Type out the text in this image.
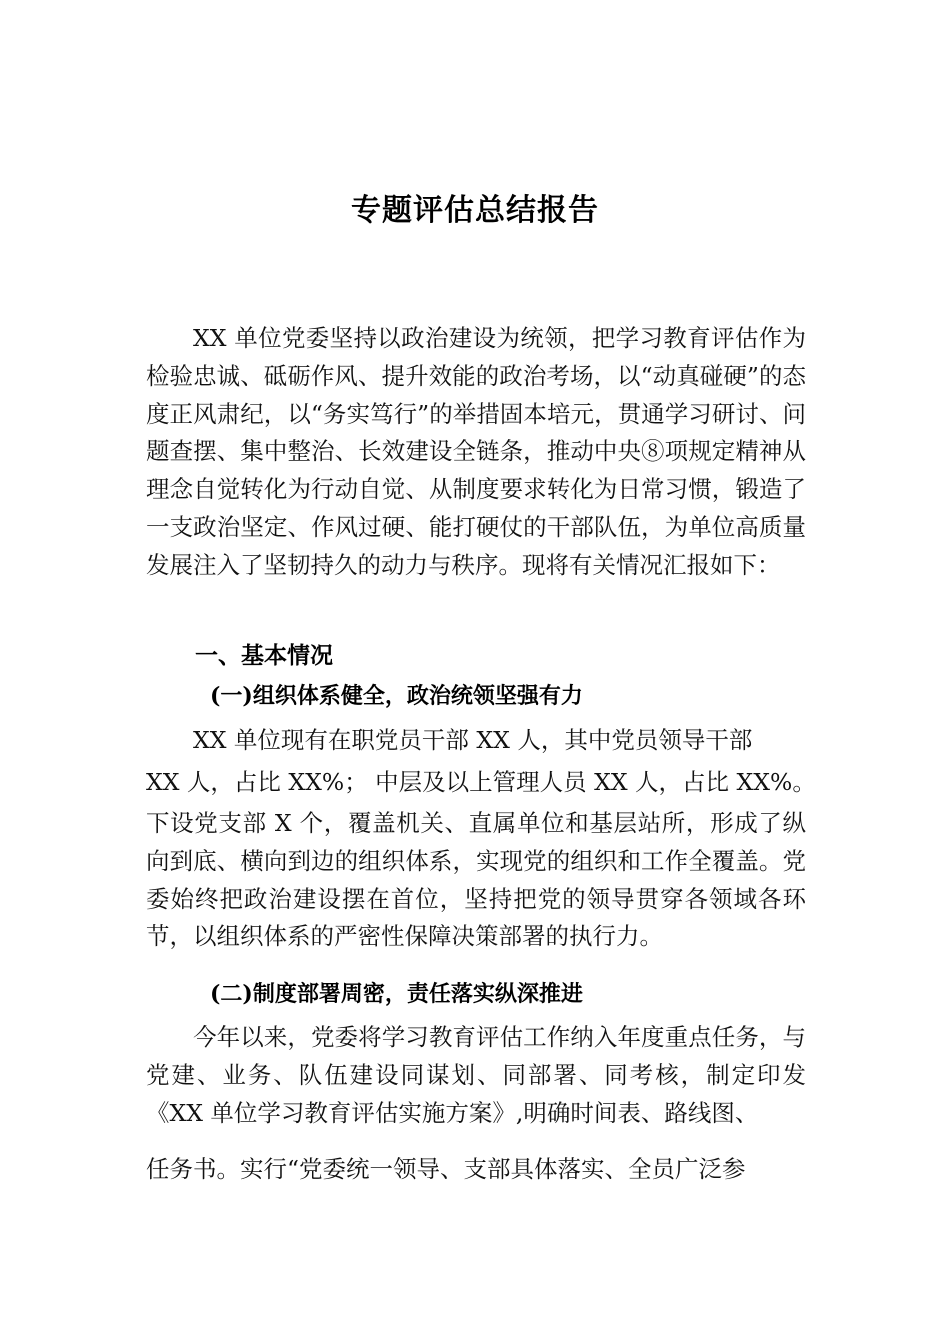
专题评估总结报告

XX 单位党委坚持以政治建设为统领，把学习教育评估作为检验忠诚、砥砺作风、提升效能的政治考场，以“动真碰硬”的态度正风肃纪，以“务实笃行”的举措固本培元，贯通学习研讨、问题查摆、集中整治、长效建设全链条，推动中央⑧项规定精神从理念自觉转化为行动自觉、从制度要求转化为日常习惯，锻造了一支政治坚定、作风过硬、能打硬仗的干部队伍，为单位高质量发展注入了坚韧持久的动力与秩序。现将有关情况汇报如下：

一、基本情况
(一)组织体系健全，政治统领坚强有力
XX 单位现有在职党员干部 XX 人，其中党员领导干部
XX 人，占比 XX%； 中层及以上管理人员 XX 人，占比 XX%。

下设党支部 X 个，覆盖机关、直属单位和基层站所，形成了纵向到底、横向到边的组织体系，实现党的组织和工作全覆盖。党委始终把政治建设摆在首位，坚持把党的领导贯穿各领域各环节，以组织体系的严密性保障决策部署的执行力。

(二)制度部署周密，责任落实纵深推进

今年以来，党委将学习教育评估工作纳入年度重点任务，与党建、业务、队伍建设同谋划、同部署、同考核，制定印发《XX 单位学习教育评估实施方案》,明确时间表、路线图、

任务书。实行“党委统一领导、支部具体落实、全员广泛参
